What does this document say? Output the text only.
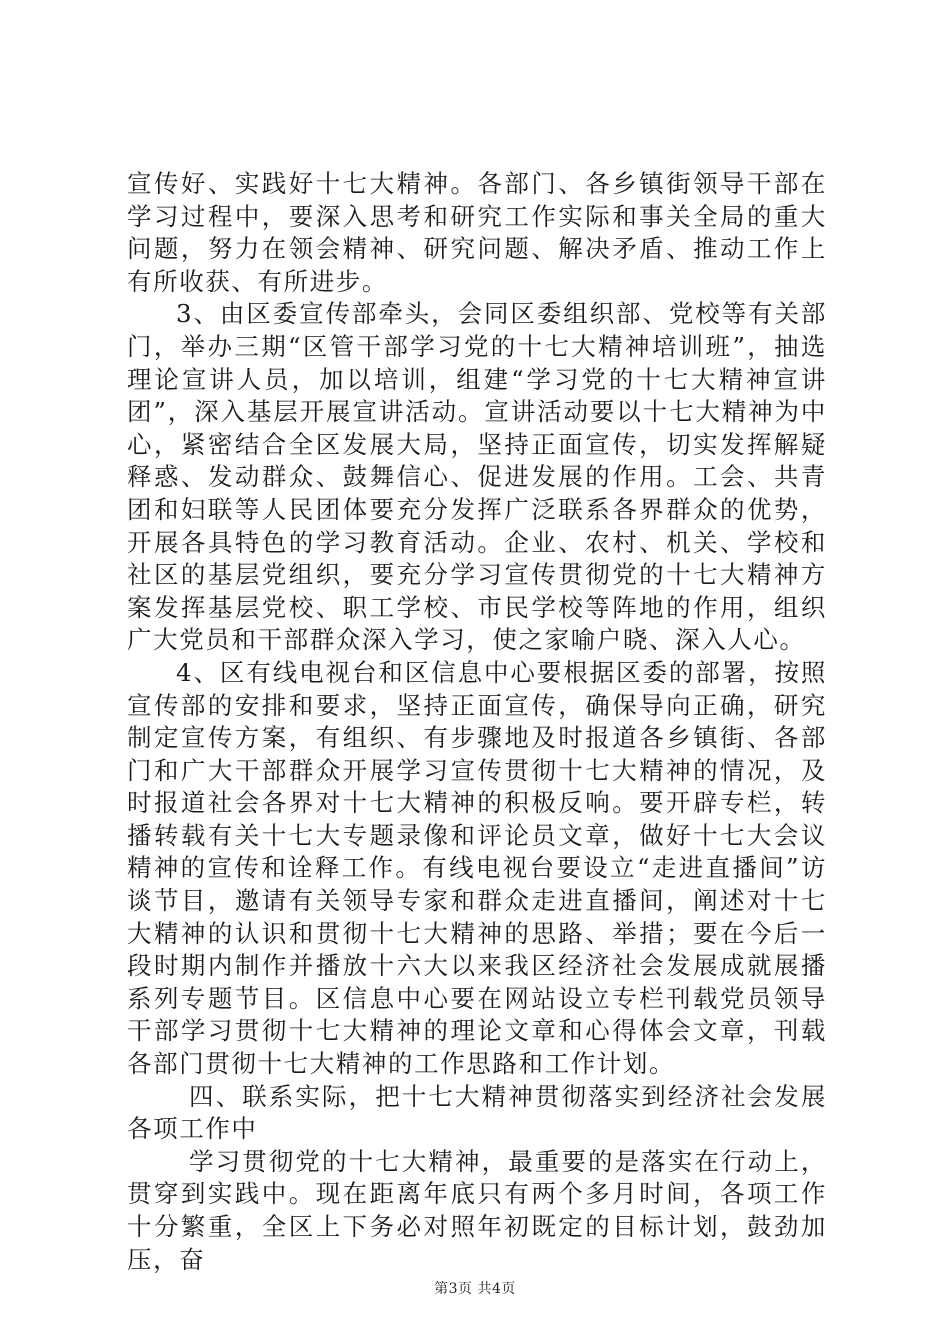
宣传好、实践好十七大精神。各部门、各乡镇街领导干部在学习过程中，要深入思考和研究工作实际和事关全局的重大问题，努力在领会精神、研究问题、解决矛盾、推动工作上有所收获、有所进步。

3、由区委宣传部牵头，会同区委组织部、党校等有关部门，举办三期“区管干部学习党的十七大精神培训班”，抽选理论宣讲人员，加以培训，组建“学习党的十七大精神宣讲团”，深入基层开展宣讲活动。宣讲活动要以十七大精神为中心，紧密结合全区发展大局，坚持正面宣传，切实发挥解疑释惑、发动群众、鼓舞信心、促进发展的作用。工会、共青团和妇联等人民团体要充分发挥广泛联系各界群众的优势，开展各具特色的学习教育活动。企业、农村、机关、学校和社区的基层党组织，要充分学习宣传贯彻党的十七大精神方案发挥基层党校、职工学校、市民学校等阵地的作用，组织广大党员和干部群众深入学习，使之家喻户晓、深入人心。

4、区有线电视台和区信息中心要根据区委的部署，按照宣传部的安排和要求，坚持正面宣传，确保导向正确，研究制定宣传方案，有组织、有步骤地及时报道各乡镇街、各部门和广大干部群众开展学习宣传贯彻十七大精神的情况，及时报道社会各界对十七大精神的积极反响。要开辟专栏，转播转载有关十七大专题录像和评论员文章，做好十七大会议精神的宣传和诠释工作。有线电视台要设立“走进直播间”访谈节目，邀请有关领导专家和群众走进直播间，阐述对十七大精神的认识和贯彻十七大精神的思路、举措；要在今后一段时期内制作并播放十六大以来我区经济社会发展成就展播系列专题节目。区信息中心要在网站设立专栏刊载党员领导干部学习贯彻十七大精神的理论文章和心得体会文章，刊载各部门贯彻十七大精神的工作思路和工作计划。

四、联系实际，把十七大精神贯彻落实到经济社会发展各项工作中

学习贯彻党的十七大精神，最重要的是落实在行动上，贯穿到实践中。现在距离年底只有两个多月时间，各项工作十分繁重，全区上下务必对照年初既定的目标计划，鼓劲加压，奋

第3页 共4页
